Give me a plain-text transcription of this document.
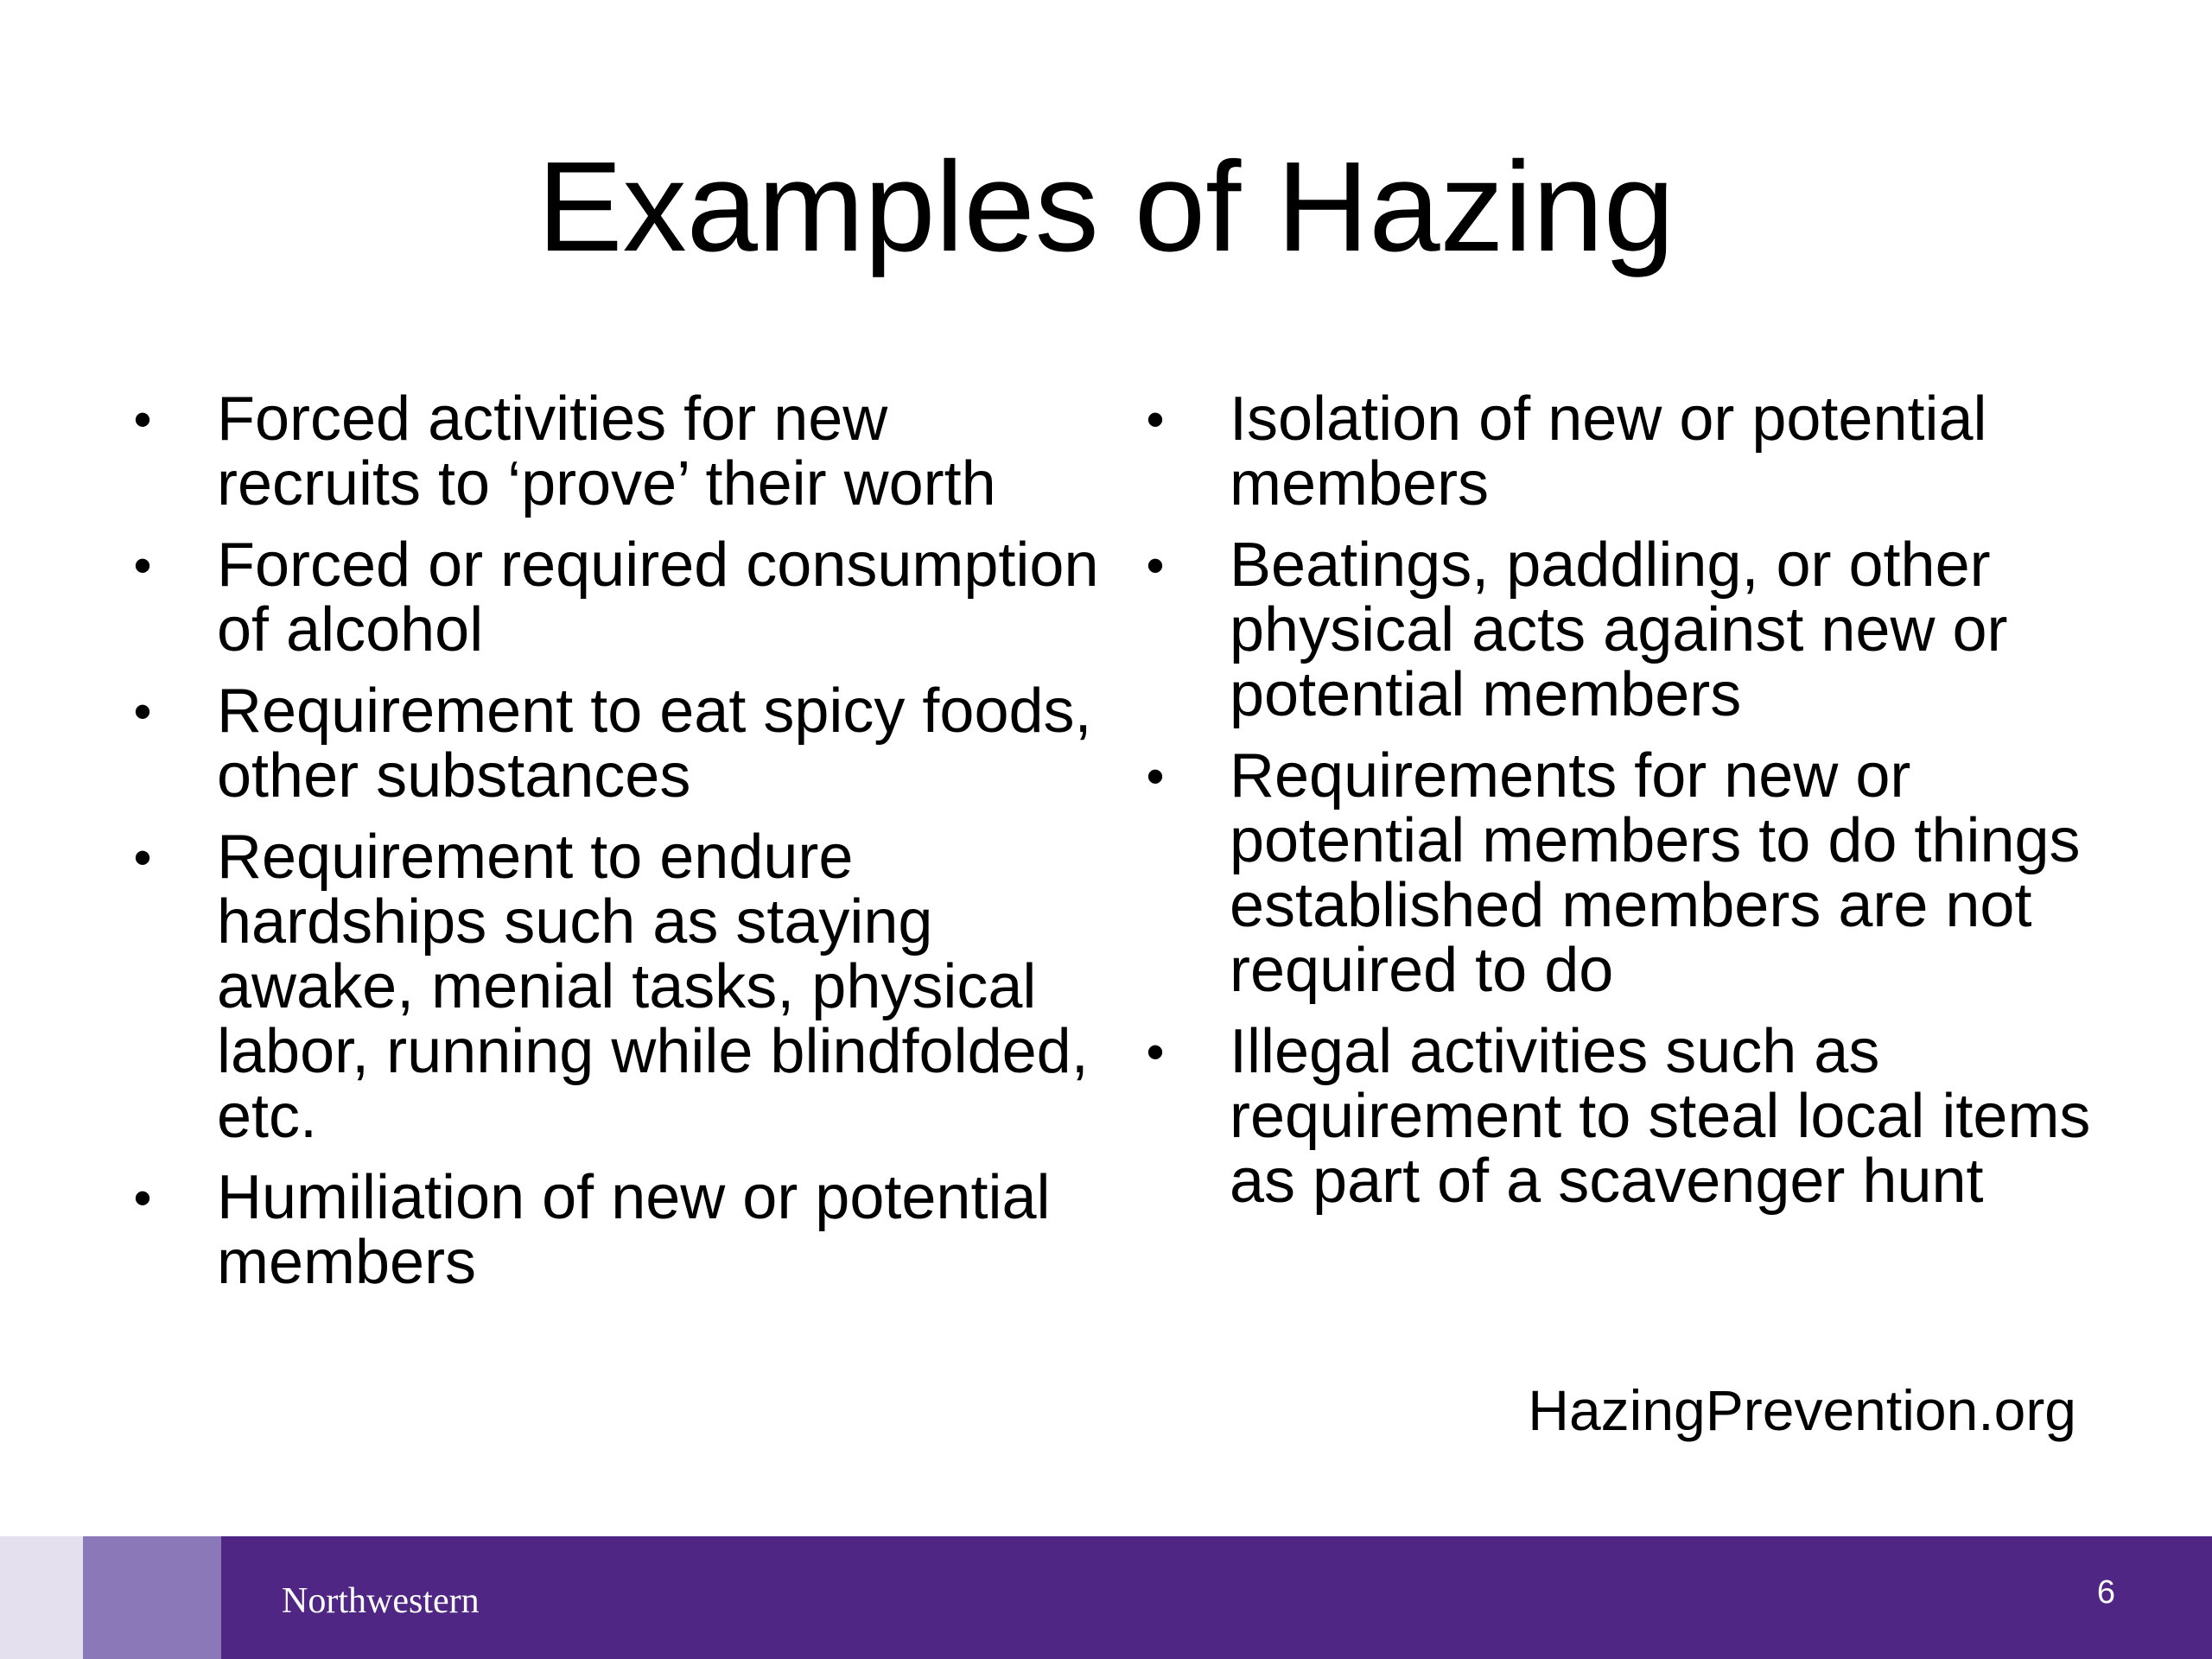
Examples of Hazing
• Forced activities for new recruits to ‘prove’ their worth
• Forced or required consumption of alcohol
• Requirement to eat spicy foods, other substances
• Requirement to endure hardships such as staying awake, menial tasks, physical labor, running while blindfolded, etc.
• Humiliation of new or potential members
• Isolation of new or potential members
• Beatings, paddling, or other physical acts against new or potential members
• Requirements for new or potential members to do things established members are not required to do
• Illegal activities such as requirement to steal local items as part of a scavenger hunt
HazingPrevention.org
Northwestern	6
